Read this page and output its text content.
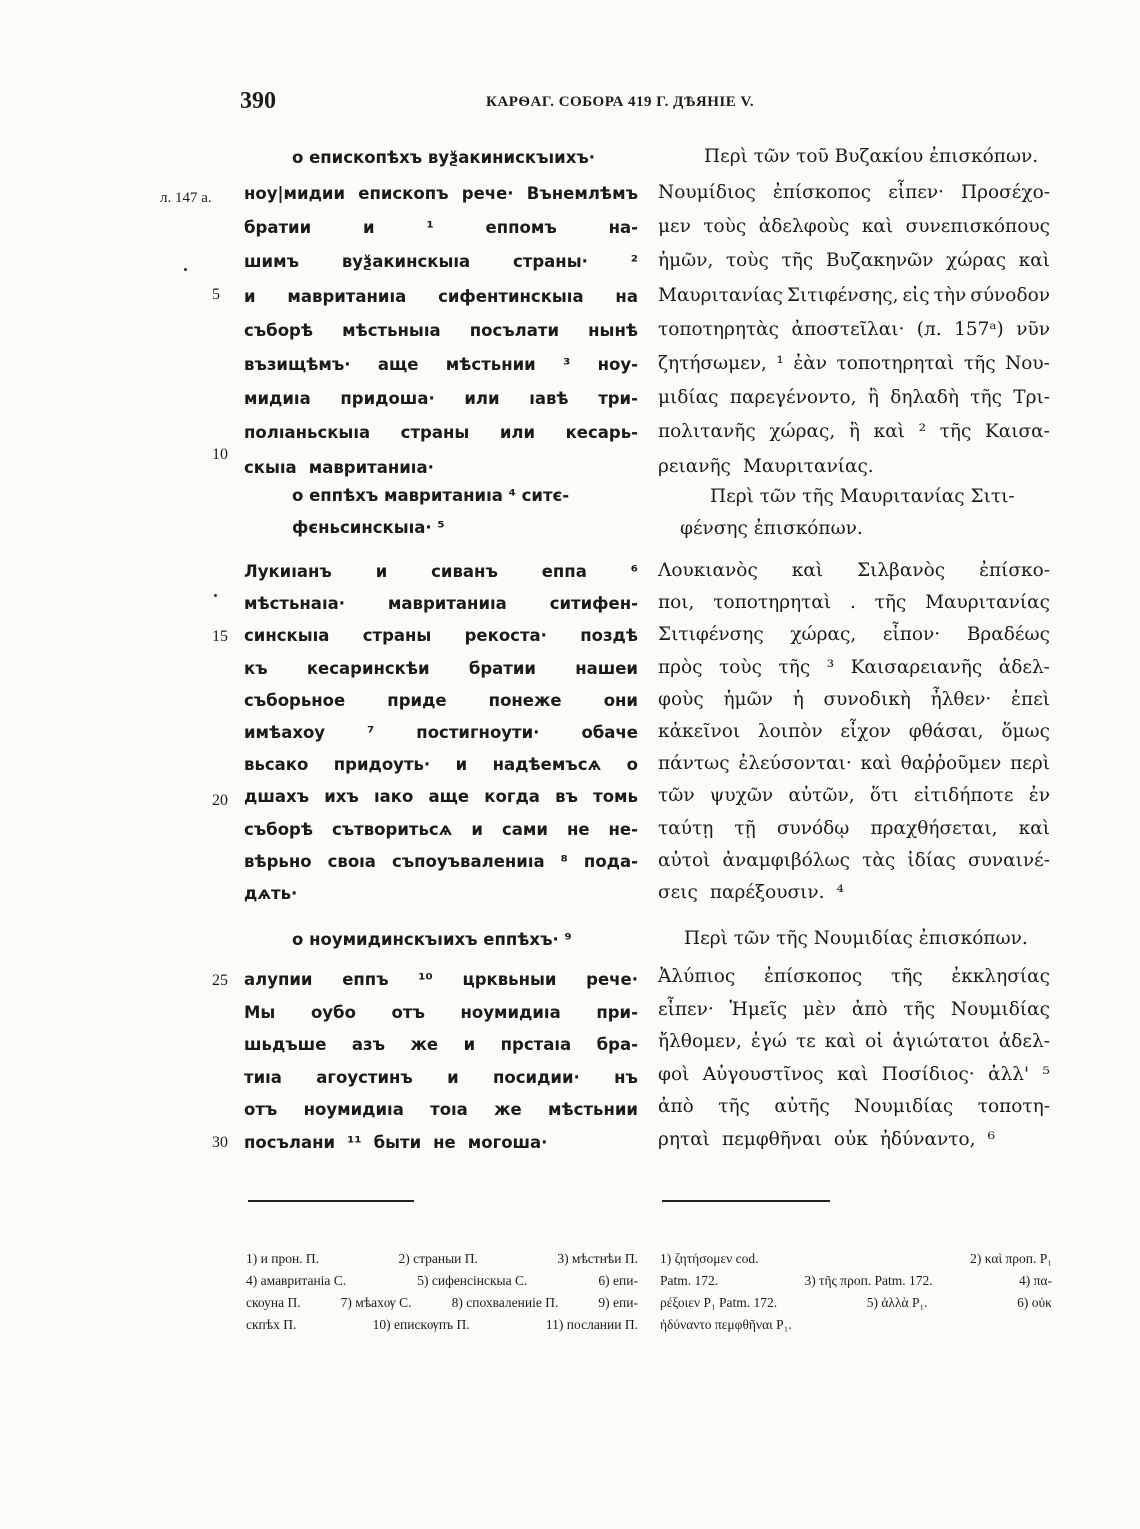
390	КАРѲАГ. СОБОРА 419 Г. ДѢЯНІЕ V.
л. 147 a.
5
10
15
20
25
30
о епископѣхъ вуѯакинискъıихъ·
ноу|мидии епископъ рече· Вънемлѣмъ
братии	и	¹	еппомъ	на-
шимъ	вуѯакинскыıа	страны·	²
и мавританиıа сифентинскыıа на
съборѣ мѣстьныıа посълати нынѣ
възищѣмъ· аще мѣстьнии ³ ноу-
мидиıа придоша· или ıавѣ три-
полıаньскыıа страны или кесарь-
скыıа мавританиıа·
о еппѣхъ мавританиıа ⁴ ситє-
фєньсинскыıа· ⁵
Лукиıанъ	и	сиванъ	еппа	⁶
мѣстьнаıа·	мавританиıа	ситифен-
синскыıа страны рекоста· поздѣ
къ кесаринскѣи братии нашеи
съборьное	приде	понеже	они
имѣахоу	⁷	постигноути·	обаче
вьсако придоуть· и надѣемъсѧ о
дшахъ ихъ ıако аще когда въ томь
съборѣ сътворитьсѧ и сами не не-
вѣрьно своıа съпоуъвалениıа ⁸ пода-
дѧть·
о ноумидинскъıихъ еппѣхъ· ⁹
алупии еппъ ¹⁰ црквьныи рече·
Мы оубо отъ ноумидиıа при-
шьдъше азъ же и прстаıа бра-
тиıа агоустинъ и посидии· нъ
отъ ноумидиıа тоıа же мѣстьнии
посълани ¹¹ быти не могоша·
Περὶ τῶν τοῦ Βυζακίου ἐπισκόπων.
Νουμίδιος ἐπίσκοπος εἶπεν· Προσέχο-
μεν τοὺς ἀδελφοὺς καὶ συνεπισκόπους
ἡμῶν, τοὺς τῆς Βυζακηνῶν χώρας καὶ
Μαυριτανίας Σιτιφένσης, εἰς τὴν σύνοδον
τοποτηρητὰς ἀποστεῖλαι· (л. 157ᵃ) νῦν
ζητήσωμεν, ¹ ἐὰν τοποτηρηταὶ τῆς Νου-
μιδίας παρεγένοντο, ἢ δηλαδὴ τῆς Τρι-
πολιτανῆς χώρας, ἢ καὶ ² τῆς Καισα-
ρειανῆς Μαυριτανίας.
Περὶ τῶν τῆς Μαυριτανίας Σιτι-
φένσης ἐπισκόπων.
Λουκιανὸς καὶ Σιλβανὸς ἐπίσκο-
ποι, τοποτηρηταὶ . τῆς Μαυριτανίας
Σιτιφένσης χώρας, εἶπον· Βραδέως
πρὸς τοὺς τῆς ³ Καισαρειανῆς ἀδελ-
φοὺς ἡμῶν ἡ συνοδικὴ ἦλθεν· ἐπεὶ
κἀκεῖνοι λοιπὸν εἶχον φθάσαι, ὅμως
πάντως ἐλεύσονται· καὶ θαῤῥοῦμεν περὶ
τῶν ψυχῶν αὐτῶν, ὅτι εἰτιδήποτε ἐν
ταύτῃ τῇ συνόδῳ πραχθήσεται, καὶ
αὐτοὶ ἀναμφιβόλως τὰς ἰδίας συναινέ-
σεις παρέξουσιν. ⁴
Περὶ τῶν τῆς Νουμιδίας ἐπισκόπων.
Ἀλύπιος ἐπίσκοπος τῆς ἐκκλησίας
εἶπεν· Ἡμεῖς μὲν ἀπὸ τῆς Νουμιδίας
ἤλθομεν, ἐγώ τε καὶ οἱ ἁγιώτατοι ἀδελ-
φοὶ Αὐγουστῖνος καὶ Ποσίδιος· ἀλλ' ⁵
ἀπὸ τῆς αὐτῆς Νουμιδίας τοποτη-
ρηταὶ πεμφθῆναι οὐκ ἠδύναντο, ⁶
1) и прон. П.	2) страныи П.	3) мѣстнѣи П.
4) амавританіа С.	5) сифенсінскыа С.	6) епи-
скоуна П.	7) мѣахѹ С.	8) спохвалениіе П.	9) епи-
скпѣх П.	10) епискѹпъ П.	11) послании П.
1) ζητήσομεν cod.	2) καὶ προп. P₁
Patm. 172.	3) τῆς προп. Patm. 172.	4) πα-
ρέξοιεν P₁ Patm. 172.	5) ἀλλὰ P₁.	6) οὐκ
ἠδύναντο πεμφθῆναι P₁.
